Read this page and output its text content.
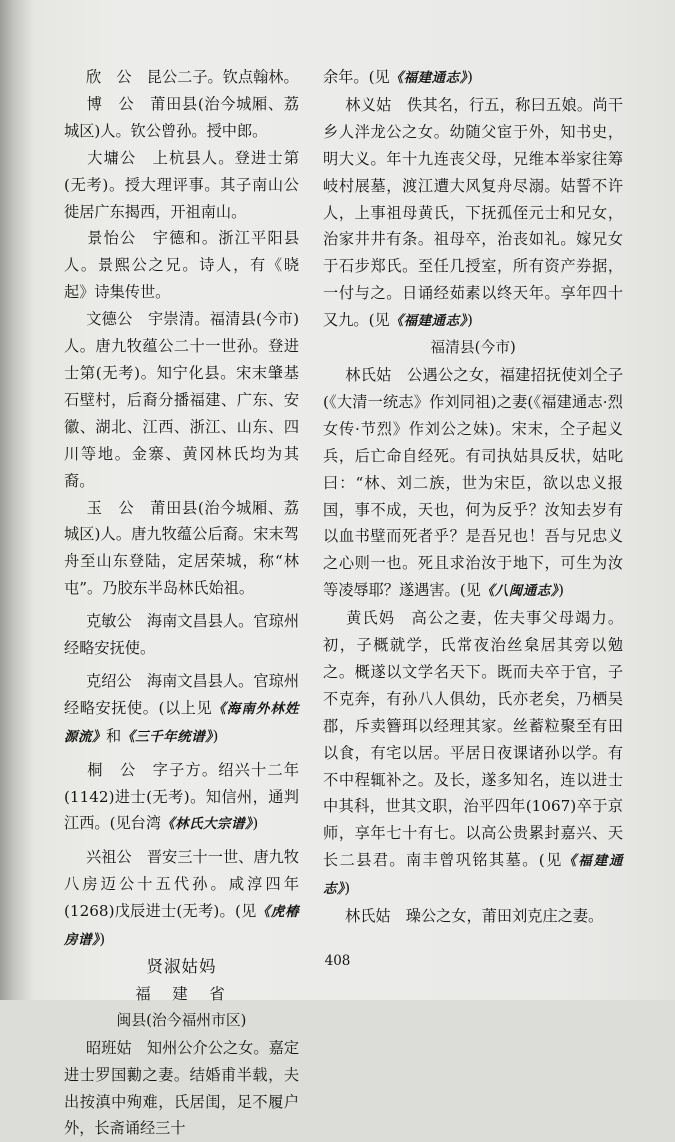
欣　公　 昆公二子。钦点翰林。

博　公　 莆田县(治今城厢、荔城区)人。钦公曾孙。授中郎。

大墉公　 上杭县人。登进士第(无考)。授大理评事。其子南山公徙居广东揭西，开祖南山。

景怡公　 宇德和。浙江平阳县人。景熙公之兄。诗人，有《晓起》诗集传世。

文德公　 宇崇清。福清县(今市)人。唐九牧蕴公二十一世孙。登进士第(无考)。知宁化县。宋末肇基石壁村，后裔分播福建、广东、安徽、湖北、江西、浙江、山东、四川等地。金寨、黄冈林氏均为其裔。

玉　公　 莆田县(治今城厢、荔城区)人。唐九牧蕴公后裔。宋末驾舟至山东登陆，定居荣城，称“林屯”。乃胶东半岛林氏始祖。

克敏公　 海南文昌县人。官琼州经略安抚使。

克绍公　 海南文昌县人。官琼州经略安抚使。(以上见《海南外林姓源流》和《三千年统谱》)

桐　公　 字子方。绍兴十二年(1142)进士(无考)。知信州，通判江西。(见台湾《林氏大宗谱》)

兴祖公　 晋安三十一世、唐九牧八房迈公十五代孙。咸淳四年(1268)戊辰进士(无考)。(见《虎椿房谱》)

贤淑姑妈

福　建　省

闽县(治今福州市区)

昭班姑　 知州公介公之女。嘉定进士罗国勷之妻。结婚甫半载，夫出按滇中殉难，氏居闺，足不履户外，长斋诵经三十

余年。(见《福建通志》)

林义姑　 佚其名，行五，称曰五娘。尚干乡人泮龙公之女。幼随父宦于外，知书史，明大义。年十九连丧父母，兄维本举家往筹岐村展墓，渡江遭大风复舟尽溺。姑誓不许人，上事祖母黄氏，下抚孤侄元士和兄女，治家井井有条。祖母卒，治丧如礼。嫁兄女于石步郑氏。至任几授室，所有资产券据，一付与之。日诵经茹素以终天年。享年四十又九。(见《福建通志》)

福清县(今市)

林氏姑　 公遇公之女，福建招抚使刘仝子(《大清一统志》作刘同祖)之妻(《福建通志·烈女传·节烈》作刘公之妹)。宋末，仝子起义兵，后亡命自经死。有司执姑具反状，姑叱曰：“林、刘二族，世为宋臣，欲以忠义报国，事不成，天也，何为反乎？汝知去岁有以血书壁而死者乎？是吾兄也！吾与兄忠义之心则一也。死且求治汝于地下，可生为汝等凌辱耶？遂遇害。(见《八闽通志》)

黄氏妈　 高公之妻，佐夫事父母竭力。初，子概就学，氏常夜治丝枲居其旁以勉之。概遂以文学名天下。既而夫卒于官，子不克奔，有孙八人俱幼，氏亦老矣，乃栖吴郡，斥卖簪珥以经理其家。丝蓄粒聚至有田以食，有宅以居。平居日夜课诸孙以学。有不中程辄补之。及长，遂多知名，连以进士中其科，世其文职，治平四年(1067)卒于京师，享年七十有七。以高公贵累封嘉兴、天长二县君。南丰曾巩铭其墓。(见《福建通志》)

林氏姑　 璪公之女，莆田刘克庄之妻。

408
